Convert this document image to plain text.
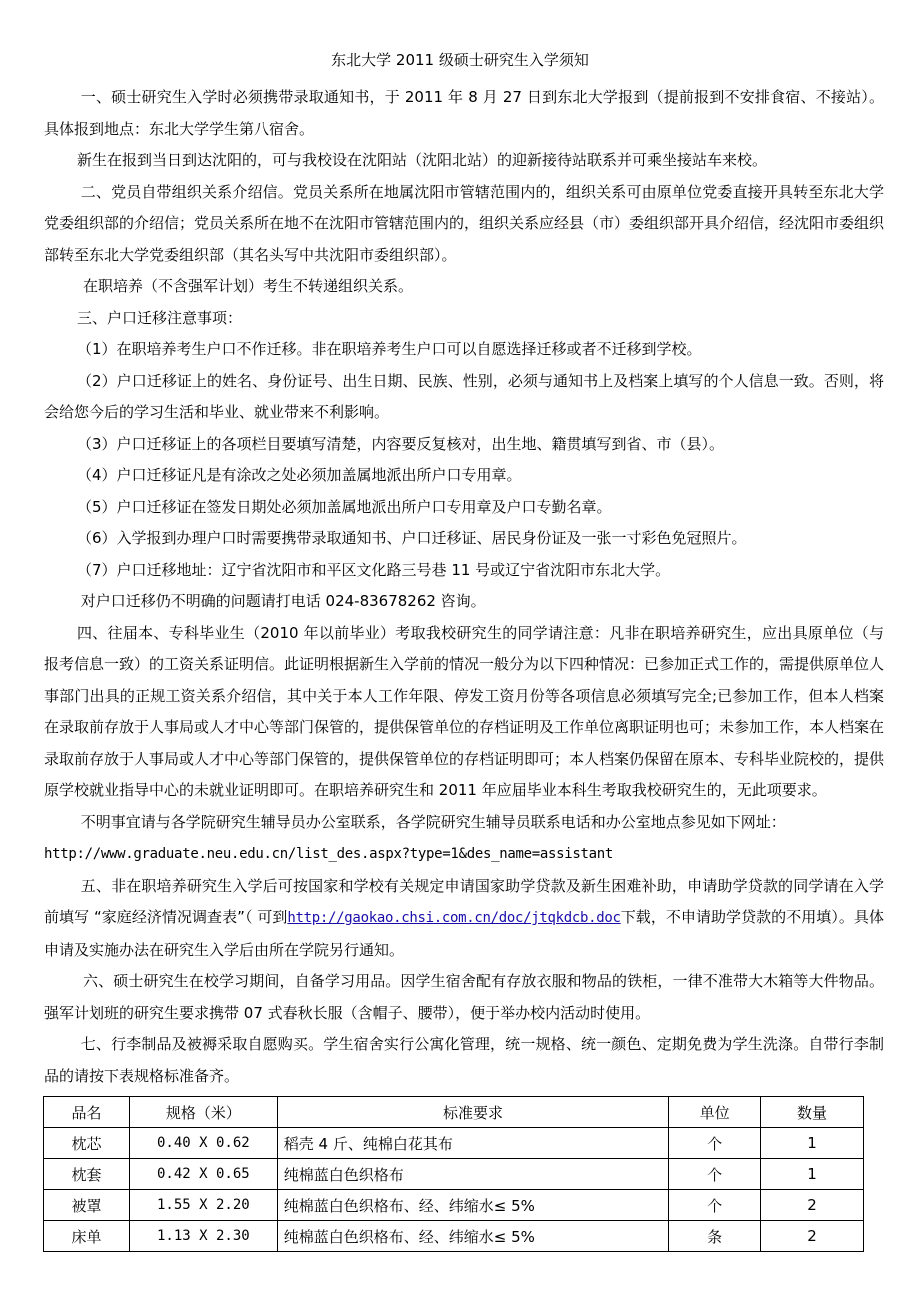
东北大学 2011 级硕士研究生入学须知

一、硕士研究生入学时必须携带录取通知书，于 2011 年 8 月 27 日到东北大学报到（提前报到不安排食宿、不接站）。具体报到地点：东北大学学生第八宿舍。

新生在报到当日到达沈阳的，可与我校设在沈阳站（沈阳北站）的迎新接待站联系并可乘坐接站车来校。

二、党员自带组织关系介绍信。党员关系所在地属沈阳市管辖范围内的，组织关系可由原单位党委直接开具转至东北大学党委组织部的介绍信；党员关系所在地不在沈阳市管辖范围内的，组织关系应经县（市）委组织部开具介绍信，经沈阳市委组织部转至东北大学党委组织部（其名头写中共沈阳市委组织部）。

在职培养（不含强军计划）考生不转递组织关系。

三、户口迁移注意事项：

（1）在职培养考生户口不作迁移。非在职培养考生户口可以自愿选择迁移或者不迁移到学校。

（2）户口迁移证上的姓名、身份证号、出生日期、民族、性别，必须与通知书上及档案上填写的个人信息一致。否则，将会给您今后的学习生活和毕业、就业带来不利影响。

（3）户口迁移证上的各项栏目要填写清楚，内容要反复核对，出生地、籍贯填写到省、市（县）。

（4）户口迁移证凡是有涂改之处必须加盖属地派出所户口专用章。

（5）户口迁移证在签发日期处必须加盖属地派出所户口专用章及户口专勤名章。

（6）入学报到办理户口时需要携带录取通知书、户口迁移证、居民身份证及一张一寸彩色免冠照片。

（7）户口迁移地址：辽宁省沈阳市和平区文化路三号巷 11 号或辽宁省沈阳市东北大学。

对户口迁移仍不明确的问题请打电话 024-83678262 咨询。

四、往届本、专科毕业生（2010 年以前毕业）考取我校研究生的同学请注意：凡非在职培养研究生，应出具原单位（与报考信息一致）的工资关系证明信。此证明根据新生入学前的情况一般分为以下四种情况：已参加正式工作的，需提供原单位人事部门出具的正规工资关系介绍信，其中关于本人工作年限、停发工资月份等各项信息必须填写完全;已参加工作，但本人档案在录取前存放于人事局或人才中心等部门保管的，提供保管单位的存档证明及工作单位离职证明也可；未参加工作，本人档案在录取前存放于人事局或人才中心等部门保管的，提供保管单位的存档证明即可；本人档案仍保留在原本、专科毕业院校的，提供原学校就业指导中心的未就业证明即可。在职培养研究生和 2011 年应届毕业本科生考取我校研究生的，无此项要求。

不明事宜请与各学院研究生辅导员办公室联系，各学院研究生辅导员联系电话和办公室地点参见如下网址：
http://www.graduate.neu.edu.cn/list_des.aspx?type=1&des_name=assistant

五、非在职培养研究生入学后可按国家和学校有关规定申请国家助学贷款及新生困难补助，申请助学贷款的同学请在入学前填写 “家庭经济情况调查表”（ 可到http://gaokao.chsi.com.cn/doc/jtqkdcb.doc下载，不申请助学贷款的不用填）。具体申请及实施办法在研究生入学后由所在学院另行通知。

六、硕士研究生在校学习期间，自备学习用品。因学生宿舍配有存放衣服和物品的铁柜，一律不准带大木箱等大件物品。强军计划班的研究生要求携带 07 式春秋长服（含帽子、腰带），便于举办校内活动时使用。

七、行李制品及被褥采取自愿购买。学生宿舍实行公寓化管理，统一规格、统一颜色、定期免费为学生洗涤。自带行李制品的请按下表规格标准备齐。

品名	规格（米）	标准要求	单位	数量
枕芯	0.40 X 0.62	稻壳 4 斤、纯棉白花其布	个	1
枕套	0.42 X 0.65	纯棉蓝白色织格布	个	1
被罩	1.55 X 2.20	纯棉蓝白色织格布、经、纬缩水≤ 5%	个	2
床单	1.13 X 2.30	纯棉蓝白色织格布、经、纬缩水≤ 5%	条	2
